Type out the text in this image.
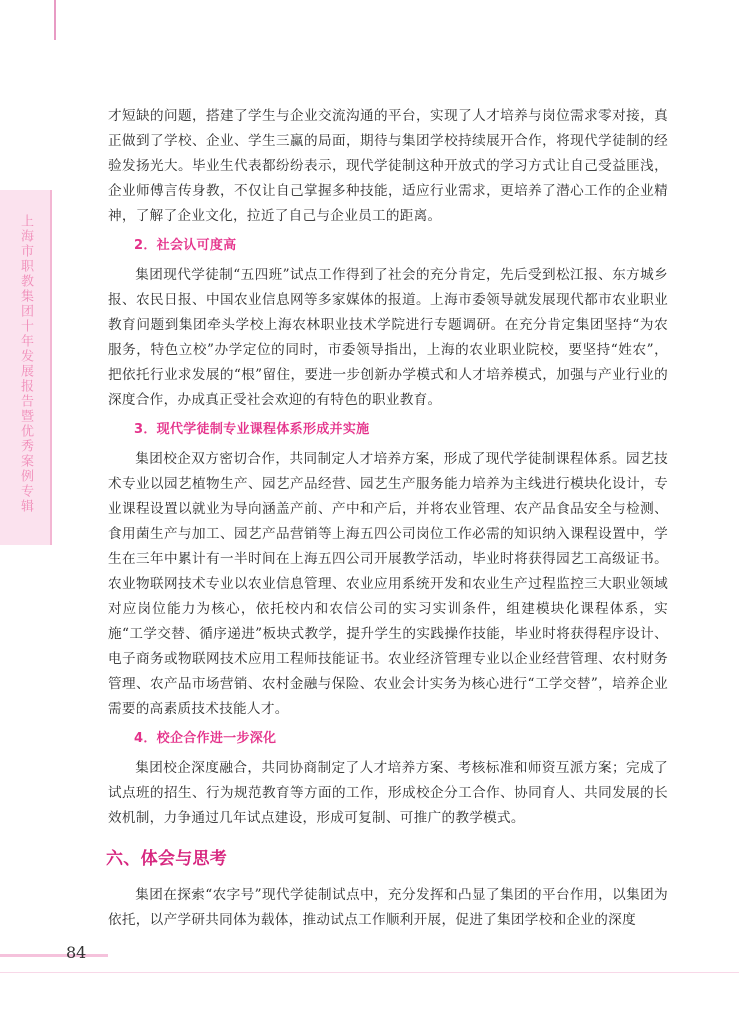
上海市职教集团十年发展报告暨优秀案例专辑

才短缺的问题，搭建了学生与企业交流沟通的平台，实现了人才培养与岗位需求零对接，真正做到了学校、企业、学生三赢的局面，期待与集团学校持续展开合作，将现代学徒制的经验发扬光大。毕业生代表都纷纷表示，现代学徒制这种开放式的学习方式让自己受益匪浅，企业师傅言传身教，不仅让自己掌握多种技能，适应行业需求，更培养了潜心工作的企业精神，了解了企业文化，拉近了自己与企业员工的距离。

2．社会认可度高

集团现代学徒制“五四班”试点工作得到了社会的充分肯定，先后受到松江报、东方城乡报、农民日报、中国农业信息网等多家媒体的报道。上海市委领导就发展现代都市农业职业教育问题到集团牵头学校上海农林职业技术学院进行专题调研。在充分肯定集团坚持“为农服务，特色立校”办学定位的同时，市委领导指出，上海的农业职业院校，要坚持“姓农”，把依托行业求发展的“根”留住，要进一步创新办学模式和人才培养模式，加强与产业行业的深度合作，办成真正受社会欢迎的有特色的职业教育。

3．现代学徒制专业课程体系形成并实施

集团校企双方密切合作，共同制定人才培养方案，形成了现代学徒制课程体系。园艺技术专业以园艺植物生产、园艺产品经营、园艺生产服务能力培养为主线进行模块化设计，专业课程设置以就业为导向涵盖产前、产中和产后，并将农业管理、农产品食品安全与检测、食用菌生产与加工、园艺产品营销等上海五四公司岗位工作必需的知识纳入课程设置中，学生在三年中累计有一半时间在上海五四公司开展教学活动，毕业时将获得园艺工高级证书。农业物联网技术专业以农业信息管理、农业应用系统开发和农业生产过程监控三大职业领域对应岗位能力为核心，依托校内和农信公司的实习实训条件，组建模块化课程体系，实施“工学交替、循序递进”板块式教学，提升学生的实践操作技能，毕业时将获得程序设计、电子商务或物联网技术应用工程师技能证书。农业经济管理专业以企业经营管理、农村财务管理、农产品市场营销、农村金融与保险、农业会计实务为核心进行“工学交替”，培养企业需要的高素质技术技能人才。

4．校企合作进一步深化

集团校企深度融合，共同协商制定了人才培养方案、考核标准和师资互派方案；完成了试点班的招生、行为规范教育等方面的工作，形成校企分工合作、协同育人、共同发展的长效机制，力争通过几年试点建设，形成可复制、可推广的教学模式。

六、体会与思考

集团在探索“农字号”现代学徒制试点中，充分发挥和凸显了集团的平台作用，以集团为依托，以产学研共同体为载体，推动试点工作顺利开展，促进了集团学校和企业的深度

84
